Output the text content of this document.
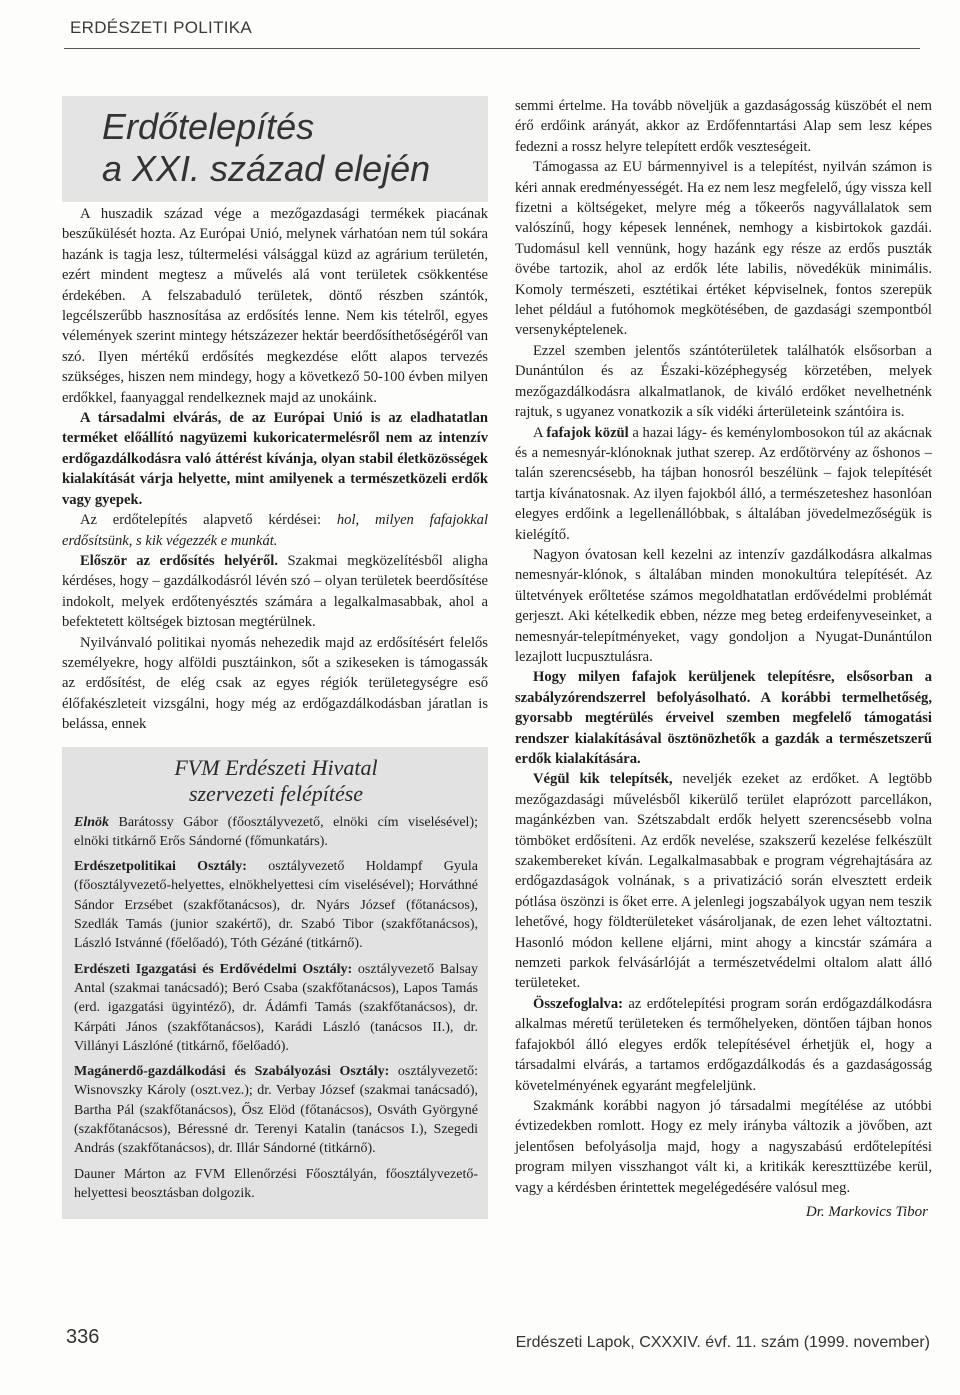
ERDÉSZETI POLITIKA
Erdőtelepítés
a XXI. század elején

A huszadik század vége a mezőgazdasági termékek piacának beszűkülését hozta. Az Európai Unió, melynek várhatóan nem túl sokára hazánk is tagja lesz, túltermelési válsággal küzd az agrárium területén, ezért mindent megtesz a művelés alá vont területek csökkentése érdekében. A felszabaduló területek, döntő részben szántók, legcélszerűbb hasznosítása az erdősítés lenne. Nem kis tételről, egyes vélemények szerint mintegy hétszázezer hektár beerdősíthetőségéről van szó. Ilyen mértékű erdősítés megkezdése előtt alapos tervezés szükséges, hiszen nem mindegy, hogy a következő 50-100 évben milyen erdőkkel, faanyaggal rendelkeznek majd az unokáink.

A társadalmi elvárás, de az Európai Unió is az eladhatatlan terméket előállító nagyüzemi kukoricatermelésről nem az intenzív erdőgazdálkodásra való áttérést kívánja, olyan stabil életközösségek kialakítását várja helyette, mint amilyenek a természetközeli erdők vagy gyepek.

Az erdőtelepítés alapvető kérdései: hol, milyen fafajokkal erdősítsünk, s kik végezzék e munkát.

Először az erdősítés helyéről. Szakmai megközelítésből aligha kérdéses, hogy – gazdálkodásról lévén szó – olyan területek beerdősítése indokolt, melyek erdőtenyésztés számára a legalkalmasabbak, ahol a befektetett költségek biztosan megtérülnek.

Nyilvánvaló politikai nyomás nehezedik majd az erdősítésért felelős személyekre, hogy alföldi pusztáinkon, sőt a szikeseken is támogassák az erdősítést, de elég csak az egyes régiók területegységre eső élőfakészleteit vizsgálni, hogy még az erdőgazdálkodásban járatlan is belássa, ennek

FVM Erdészeti Hivatal
szervezeti felépítése

Elnök Barátossy Gábor (főosztályvezető, elnöki cím viselésével); elnöki titkárnő Erős Sándorné (főmunkatárs).

Erdészetpolitikai Osztály: osztályvezető Holdampf Gyula (főosztályvezető-helyettes, elnökhelyettesi cím viselésével); Horváthné Sándor Erzsébet (szakfőtanácsos), dr. Nyárs József (főtanácsos), Szedlák Tamás (junior szakértő), dr. Szabó Tibor (szakfőtanácsos), László Istvánné (főelőadó), Tóth Gézáné (titkárnő).

Erdészeti Igazgatási és Erdővédelmi Osztály: osztályvezető Balsay Antal (szakmai tanácsadó); Beró Csaba (szakfőtanácsos), Lapos Tamás (erd. igazgatási ügyintéző), dr. Ádámfi Tamás (szakfőtanácsos), dr. Kárpáti János (szakfőtanácsos), Karádi László (tanácsos II.), dr. Villányi Lászlóné (titkárnő, főelőadó).

Magánerdő-gazdálkodási és Szabályozási Osztály: osztályvezető: Wisnovszky Károly (oszt.vez.); dr. Verbay József (szakmai tanácsadó), Bartha Pál (szakfőtanácsos), Ősz Elöd (főtanácsos), Osváth Györgyné (szakfőtanácsos), Béressné dr. Terenyi Katalin (tanácsos I.), Szegedi András (szakfőtanácsos), dr. Illár Sándorné (titkárnő).

Dauner Márton az FVM Ellenőrzési Főosztályán, főosztályvezető-helyettesi beosztásban dolgozik.

semmi értelme. Ha tovább növeljük a gazdaságosság küszöbét el nem érő erdőink arányát, akkor az Erdőfenntartási Alap sem lesz képes fedezni a rossz helyre telepített erdők veszteségeit.

Támogassa az EU bármennyivel is a telepítést, nyilván számon is kéri annak eredményességét. Ha ez nem lesz megfelelő, úgy vissza kell fizetni a költségeket, melyre még a tőkeerős nagyvállalatok sem valószínű, hogy képesek lennének, nemhogy a kisbirtokok gazdái. Tudomásul kell vennünk, hogy hazánk egy része az erdős puszták övébe tartozik, ahol az erdők léte labilis, növedékük minimális. Komoly természeti, esztétikai értéket képviselnek, fontos szerepük lehet például a futóhomok megkötésében, de gazdasági szempontból versenyképtelenek.

Ezzel szemben jelentős szántóterületek találhatók elsősorban a Dunántúlon és az Északi-középhegység körzetében, melyek mezőgazdálkodásra alkalmatlanok, de kiváló erdőket nevelhetnénk rajtuk, s ugyanez vonatkozik a sík vidéki árterületeink szántóira is.

A fafajok közül a hazai lágy- és keménylombosokon túl az akácnak és a nemesnyár-klónoknak juthat szerep. Az erdőtörvény az őshonos – talán szerencsésebb, ha tájban honosról beszélünk – fajok telepítését tartja kívánatosnak. Az ilyen fajokból álló, a természeteshez hasonlóan elegyes erdőink a legellenállóbbak, s általában jövedelmezőségük is kielégítő.

Nagyon óvatosan kell kezelni az intenzív gazdálkodásra alkalmas nemesnyár-klónok, s általában minden monokultúra telepítését. Az ültetvények erőltetése számos megoldhatatlan erdővédelmi problémát gerjeszt. Aki kételkedik ebben, nézze meg beteg erdeifenyveseinket, a nemesnyár-telepítményeket, vagy gondoljon a Nyugat-Dunántúlon lezajlott lucpusztulásra.

Hogy milyen fafajok kerüljenek telepítésre, elsősorban a szabályzórendszerrel befolyásolható. A korábbi termelhetőség, gyorsabb megtérülés érveivel szemben megfelelő támogatási rendszer kialakításával ösztönözhetők a gazdák a természetszerű erdők kialakítására.

Végül kik telepítsék, neveljék ezeket az erdőket. A legtöbb mezőgazdasági művelésből kikerülő terület elaprózott parcellákon, magánkézben van. Szétszabdalt erdők helyett szerencsésebb volna tömböket erdősíteni. Az erdők nevelése, szakszerű kezelése felkészült szakembereket kíván. Legalkalmasabbak e program végrehajtására az erdőgazdaságok volnának, s a privatizáció során elvesztett erdeik pótlása öszönzi is őket erre. A jelenlegi jogszabályok ugyan nem teszik lehetővé, hogy földterületeket vásároljanak, de ezen lehet változtatni. Hasonló módon kellene eljárni, mint ahogy a kincstár számára a nemzeti parkok felvásárlóját a természetvédelmi oltalom alatt álló területeket.

Összefoglalva: az erdőtelepítési program során erdőgazdálkodásra alkalmas méretű területeken és termőhelyeken, döntően tájban honos fafajokból álló elegyes erdők telepítésével érhetjük el, hogy a társadalmi elvárás, a tartamos erdőgazdálkodás és a gazdaságosság követelményének egyaránt megfeleljünk.

Szakmánk korábbi nagyon jó társadalmi megítélése az utóbbi évtizedekben romlott. Hogy ez mely irányba változik a jövőben, azt jelentősen befolyásolja majd, hogy a nagyszabású erdőtelepítési program milyen visszhangot vált ki, a kritikák kereszttüzébe kerül, vagy a kérdésben érintettek megelégedésére valósul meg.

Dr. Markovics Tibor
336	Erdészeti Lapok, CXXXIV. évf. 11. szám (1999. november)
